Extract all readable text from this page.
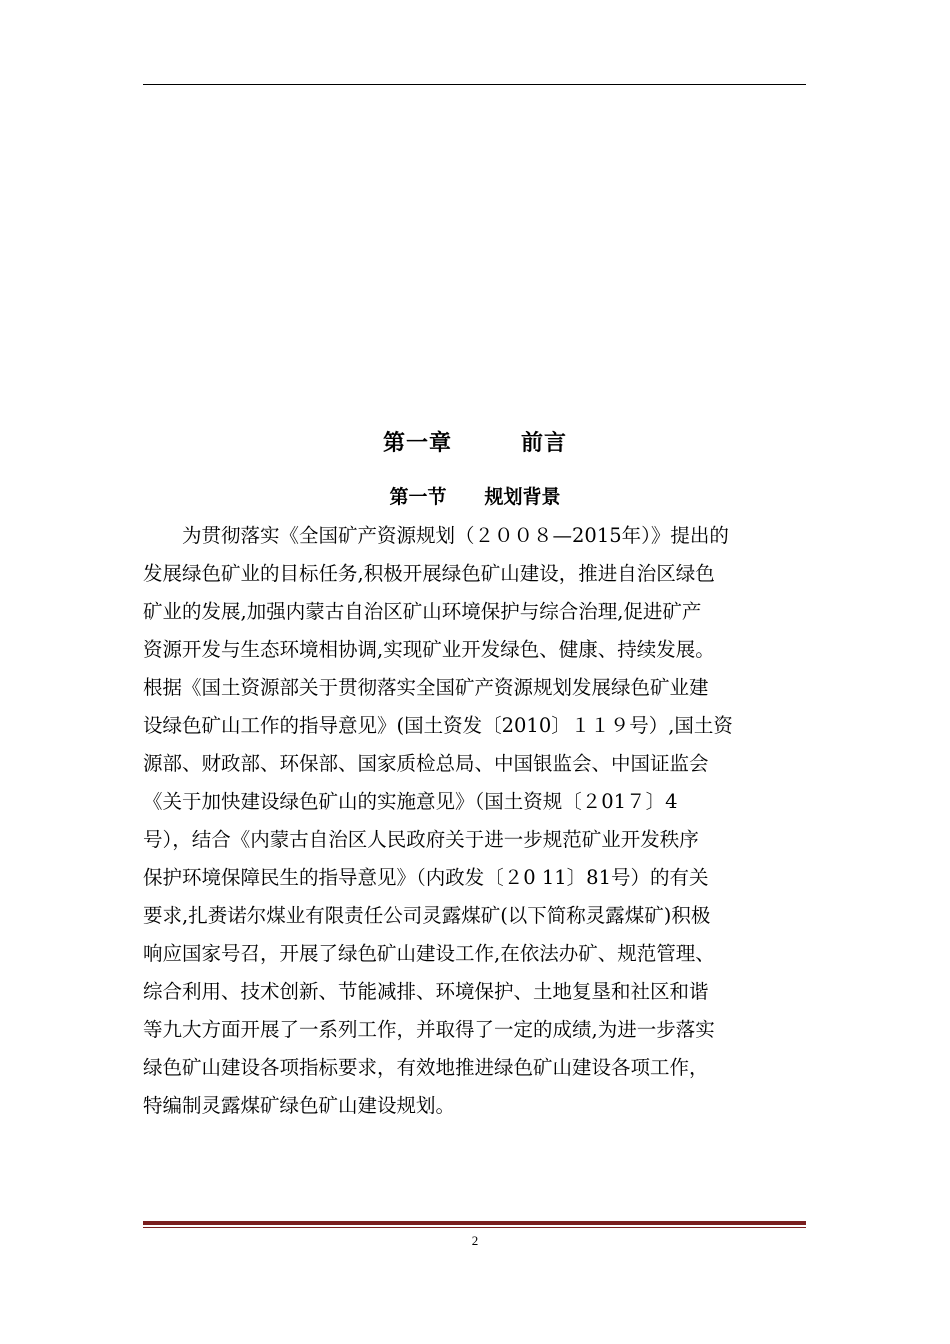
第一章　　　前言
第一节　　规划背景
　　为贯彻落实《全国矿产资源规划（２００８—2015年）》提出的
发展绿色矿业的目标任务,积极开展绿色矿山建设，推进自治区绿色
矿业的发展,加强内蒙古自治区矿山环境保护与综合治理,促进矿产
资源开发与生态环境相协调,实现矿业开发绿色、健康、持续发展。
根据《国土资源部关于贯彻落实全国矿产资源规划发展绿色矿业建
设绿色矿山工作的指导意见》(国土资发〔2010〕１１９号）,国土资
源部、财政部、环保部、国家质检总局、中国银监会、中国证监会
《关于加快建设绿色矿山的实施意见》（国土资规〔２01７〕4
号），结合《内蒙古自治区人民政府关于进一步规范矿业开发秩序
保护环境保障民生的指导意见》（内政发〔２0 11〕81号）的有关
要求,扎赉诺尔煤业有限责任公司灵露煤矿(以下简称灵露煤矿)积极
响应国家号召，开展了绿色矿山建设工作,在依法办矿、规范管理、
综合利用、技术创新、节能减排、环境保护、土地复垦和社区和谐
等九大方面开展了一系列工作，并取得了一定的成绩,为进一步落实
绿色矿山建设各项指标要求，有效地推进绿色矿山建设各项工作，
特编制灵露煤矿绿色矿山建设规划。
2
